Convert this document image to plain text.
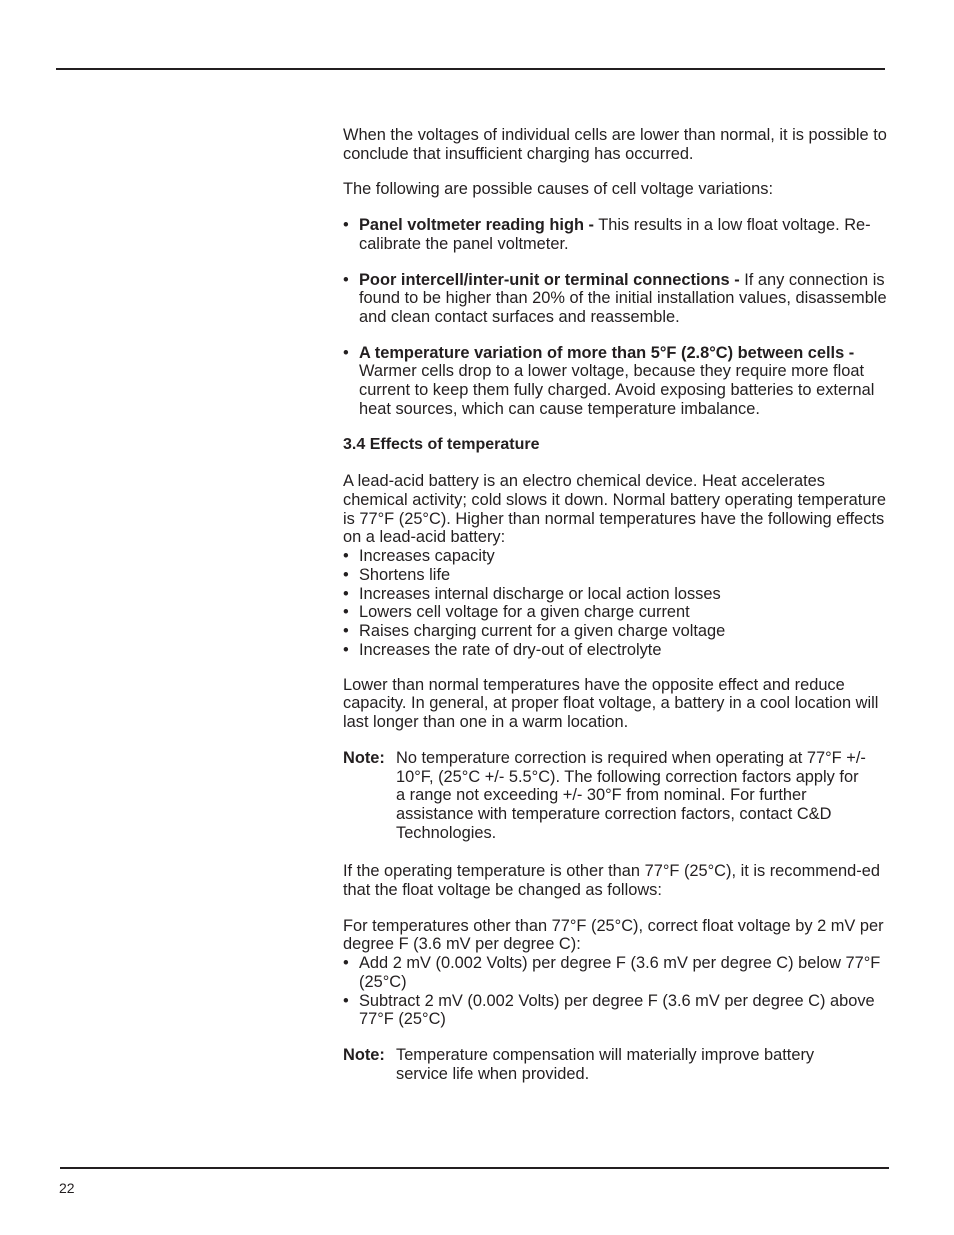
When the voltages of individual cells are lower than normal, it is possible to conclude that insufficient charging has occurred.

The following are possible causes of cell voltage variations:

• Panel voltmeter reading high - This results in a low float voltage. Re-calibrate the panel voltmeter.
• Poor intercell/inter-unit or terminal connections - If any connection is found to be higher than 20% of the initial installation values, disassemble and clean contact surfaces and reassemble.
• A temperature variation of more than 5°F (2.8°C) between cells - Warmer cells drop to a lower voltage, because they require more float current to keep them fully charged. Avoid exposing batteries to external heat sources, which can cause temperature imbalance.

3.4 Effects of temperature

A lead-acid battery is an electro chemical device. Heat accelerates chemical activity; cold slows it down. Normal battery operating temperature is 77°F (25°C). Higher than normal temperatures have the following effects on a lead-acid battery:

• Increases capacity
• Shortens life
• Increases internal discharge or local action losses
• Lowers cell voltage for a given charge current
• Raises charging current for a given charge voltage
• Increases the rate of dry-out of electrolyte

Lower than normal temperatures have the opposite effect and reduce capacity. In general, at proper float voltage, a battery in a cool location will last longer than one in a warm location.

Note: No temperature correction is required when operating at 77°F +/- 10°F, (25°C +/- 5.5°C). The following correction factors apply for a range not exceeding +/- 30°F from nominal. For further
assistance with temperature correction factors, contact C&D Technologies.

If the operating temperature is other than 77°F (25°C), it is recommend-ed that the float voltage be changed as follows:

For temperatures other than 77°F (25°C), correct float voltage by 2 mV per degree F (3.6 mV per degree C):

• Add 2 mV (0.002 Volts) per degree F (3.6 mV per degree C) below 77°F (25°C)
• Subtract 2 mV (0.002 Volts) per degree F (3.6 mV per degree C) above 77°F (25°C)
Note: Temperature compensation will materially improve battery service life when provided.
22
